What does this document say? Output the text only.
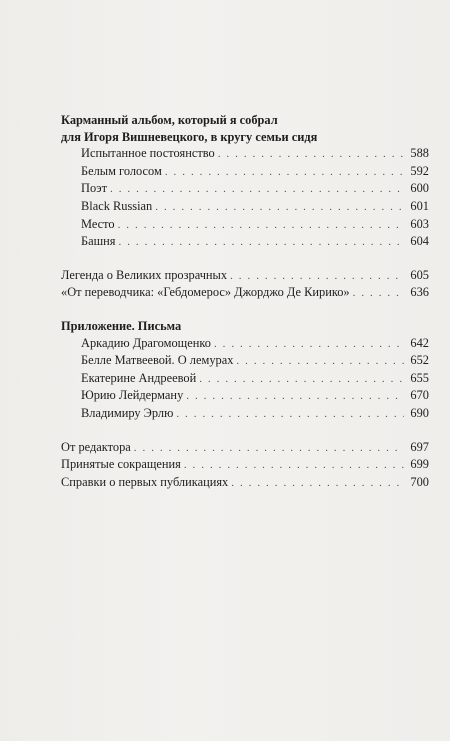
Карманный альбом, который я собрал
для Игоря Вишневецкого, в кругу семьи сидя
Испытанное постоянство . . .	588
Белым голосом . . .	592
Поэт . . .	600
Black Russian . . .	601
Место . . .	603
Башня . . .	604
Легенда о Великих прозрачных . . .	605
«От переводчика: «Гебдомерос» Джорджо Де Кирико» . . .	636
Приложение. Письма
Аркадию Драгомощенко . . .	642
Белле Матвеевой. О лемурах . . .	652
Екатерине Андреевой . . .	655
Юрию Лейдерману . . .	670
Владимиру Эрлю . . .	690
От редактора . . .	697
Принятые сокращения . . .	699
Справки о первых публикациях . . .	700
